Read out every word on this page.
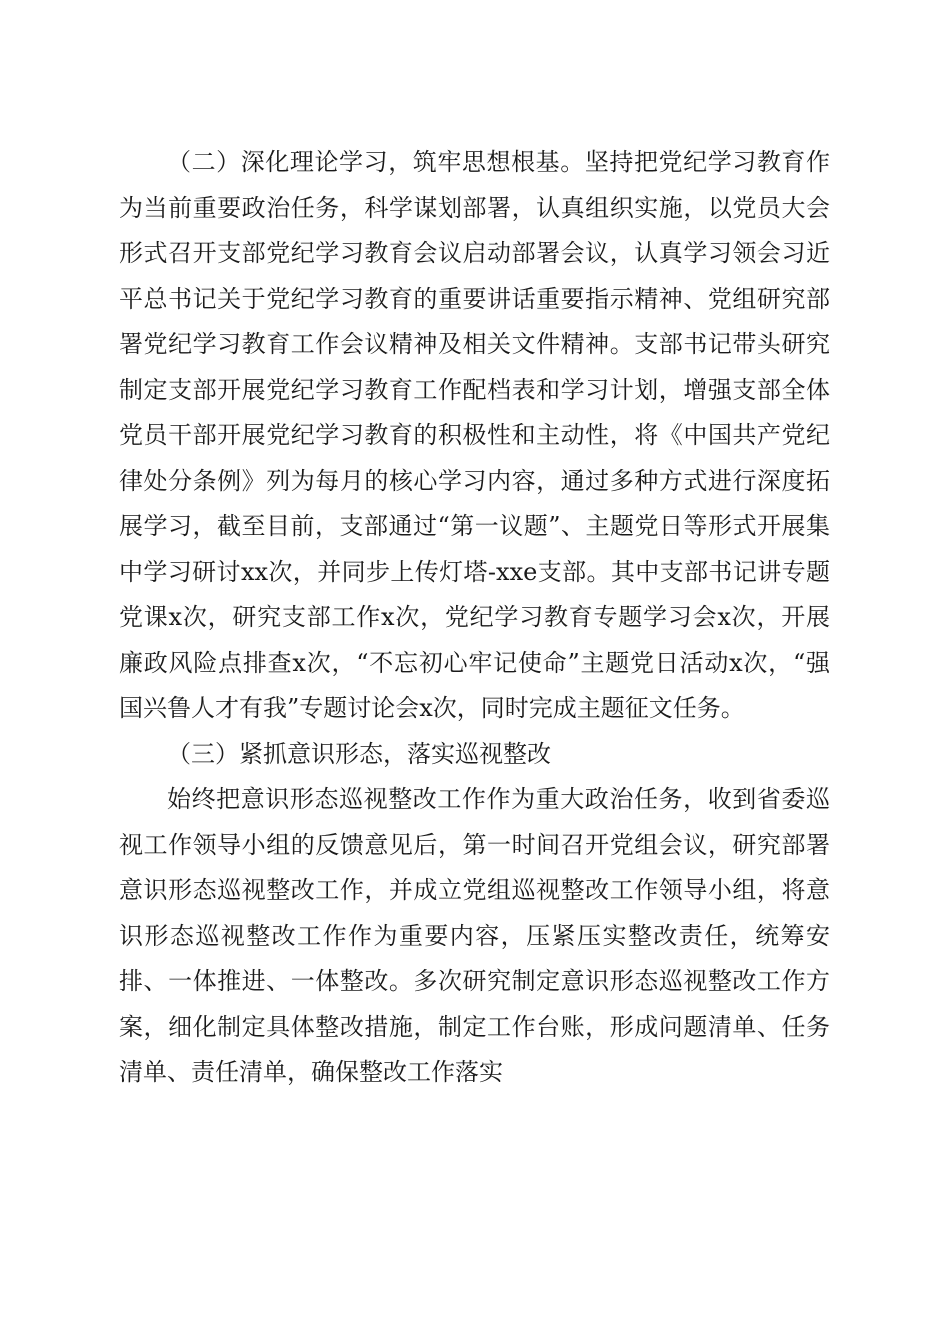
（二）深化理论学习，筑牢思想根基。坚持把党纪学习教育作为当前重要政治任务，科学谋划部署，认真组织实施，以党员大会形式召开支部党纪学习教育会议启动部署会议，认真学习领会习近平总书记关于党纪学习教育的重要讲话重要指示精神、党组研究部署党纪学习教育工作会议精神及相关文件精神。支部书记带头研究制定支部开展党纪学习教育工作配档表和学习计划，增强支部全体党员干部开展党纪学习教育的积极性和主动性，将《中国共产党纪律处分条例》列为每月的核心学习内容，通过多种方式进行深度拓展学习，截至目前，支部通过“第一议题”、主题党日等形式开展集中学习研讨xx次，并同步上传灯塔-xxe支部。其中支部书记讲专题党课x次，研究支部工作x次，党纪学习教育专题学习会x次，开展廉政风险点排查x次，“不忘初心牢记使命”主题党日活动x次，“强国兴鲁人才有我”专题讨论会x次，同时完成主题征文任务。

（三）紧抓意识形态，落实巡视整改

始终把意识形态巡视整改工作作为重大政治任务，收到省委巡视工作领导小组的反馈意见后，第一时间召开党组会议，研究部署意识形态巡视整改工作，并成立党组巡视整改工作领导小组，将意识形态巡视整改工作作为重要内容，压紧压实整改责任，统筹安排、一体推进、一体整改。多次研究制定意识形态巡视整改工作方案，细化制定具体整改措施，制定工作台账，形成问题清单、任务清单、责任清单，确保整改工作落实
